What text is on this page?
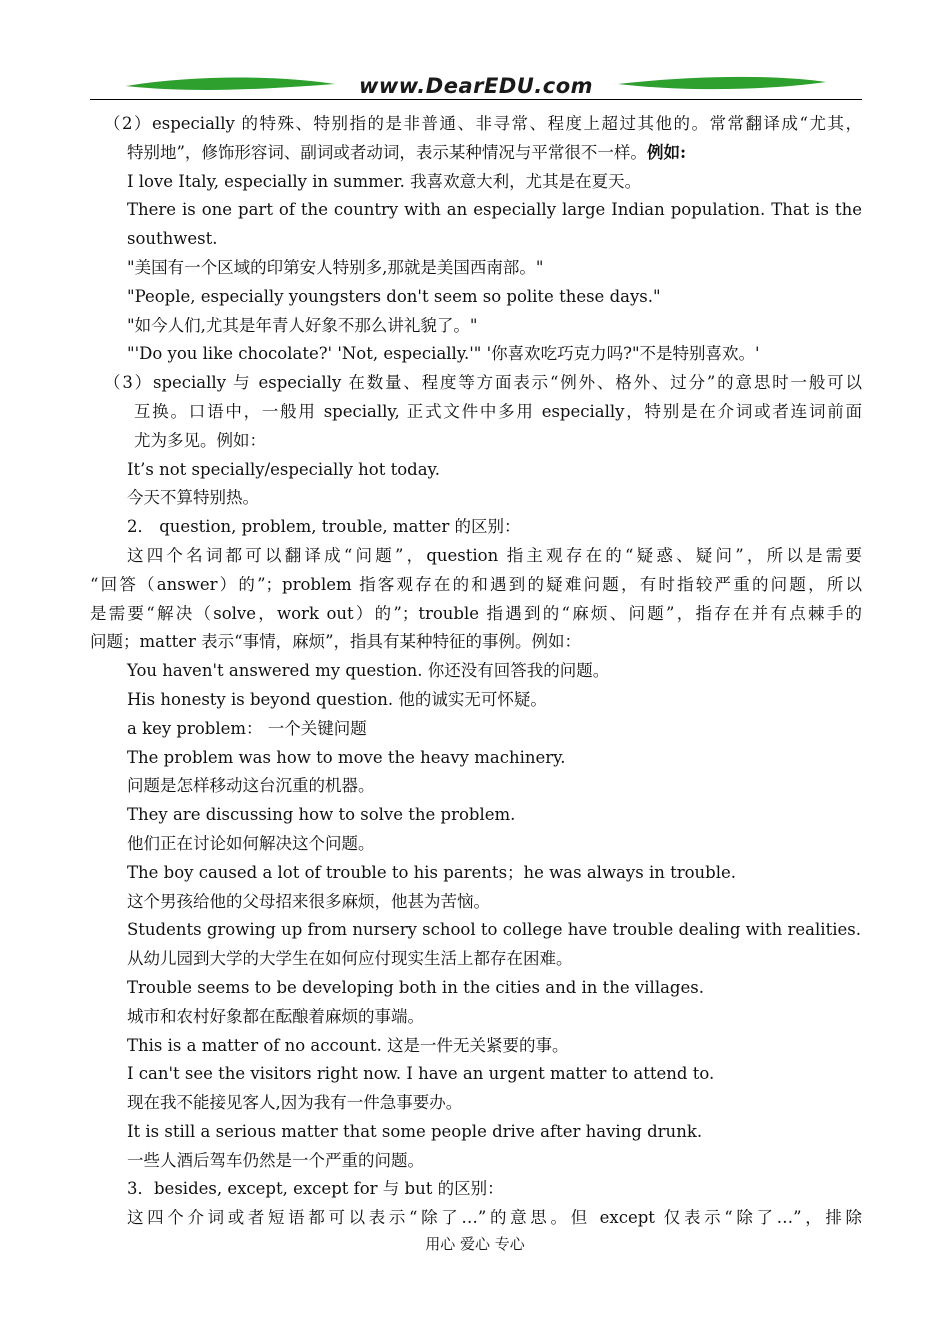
www.DearEDU.com
（2）especially 的特殊、特别指的是非普通、非寻常、程度上超过其他的。常常翻译成“尤其，
特别地”，修饰形容词、副词或者动词，表示某种情况与平常很不一样。例如:
I love Italy, especially in summer. 我喜欢意大利，尤其是在夏天。
There is one part of the country with an especially large Indian population. That is the
southwest.
"美国有一个区域的印第安人特别多,那就是美国西南部。"
"People, especially youngsters don't seem so polite these days."
"如今人们,尤其是年青人好象不那么讲礼貌了。"
"'Do you like chocolate?' 'Not, especially.'" '你喜欢吃巧克力吗?"不是特别喜欢。'
（3）specially 与 especially 在数量、程度等方面表示“例外、格外、过分”的意思时一般可以
互换。口语中，一般用 specially, 正式文件中多用 especially，特别是在介词或者连词前面
尤为多见。例如：
It’s not specially/especially hot today.
今天不算特别热。
2． question, problem, trouble, matter 的区别：
这四个名词都可以翻译成“问题”，question 指主观存在的“疑惑、疑问”，所以是需要
“回答（answer）的”；problem 指客观存在的和遇到的疑难问题，有时指较严重的问题，所以
是需要“解决（solve，work out）的”；trouble 指遇到的“麻烦、问题”，指存在并有点棘手的
问题；matter 表示“事情，麻烦”，指具有某种特征的事例。例如：
You haven't answered my question. 你还没有回答我的问题。
His honesty is beyond question. 他的诚实无可怀疑。
a key problem： 一个关键问题
The problem was how to move the heavy machinery.
问题是怎样移动这台沉重的机器。
They are discussing how to solve the problem.
他们正在讨论如何解决这个问题。
The boy caused a lot of trouble to his parents；he was always in trouble.
这个男孩给他的父母招来很多麻烦，他甚为苦恼。
Students growing up from nursery school to college have trouble dealing with realities.
从幼儿园到大学的大学生在如何应付现实生活上都存在困难。
Trouble seems to be developing both in the cities and in the villages.
城市和农村好象都在酝酿着麻烦的事端。
This is a matter of no account. 这是一件无关紧要的事。
I can't see the visitors right now. I have an urgent matter to attend to.
现在我不能接见客人,因为我有一件急事要办。
It is still a serious matter that some people drive after having drunk.
一些人酒后驾车仍然是一个严重的问题。
3．besides, except, except for 与 but 的区别：
这四个介词或者短语都可以表示“除了…”的意思。但 except 仅表示“除了…”，排除
用心 爱心 专心
